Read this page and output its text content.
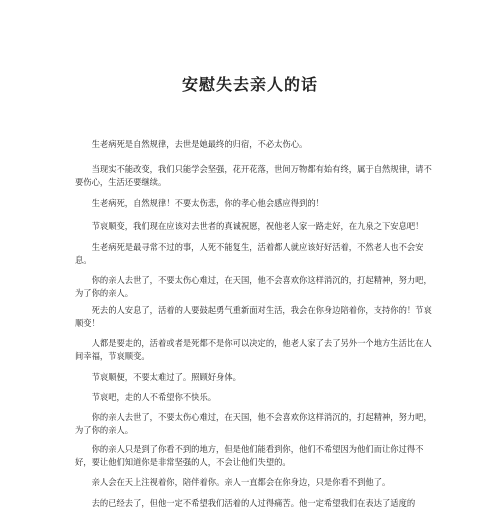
安慰失去亲人的话
　　生老病死是自然规律，去世是她最终的归宿，不必太伤心。
　　当现实不能改变，我们只能学会坚强，花开花落，世间万物都有始有终，属于自然规律，请不要伤心，生活还要继续。
　　生老病死，自然规律！不要太伤悲，你的孝心他会感应得到的！
　　节哀顺变，我们现在应该对去世者的真诚祝愿，祝他老人家一路走好，在九泉之下安息吧！
　　生老病死是最寻常不过的事，人死不能复生，活着都人就应该好好活着，不然老人也不会安息。
　　你的亲人去世了，不要太伤心难过，在天国，他不会喜欢你这样消沉的，打起精神，努力吧，为了你的亲人。
　　死去的人安息了，活着的人要鼓起勇气重新面对生活，我会在你身边陪着你，支持你的！节哀顺变！
　　人都是要走的，活着或者是死都不是你可以决定的，他老人家了去了另外一个地方生活比在人间幸福，节哀顺变。
　　节哀顺便，不要太难过了。照顾好身体。
　　节哀吧，走的人不希望你不快乐。
　　你的亲人去世了，不要太伤心难过，在天国，他不会喜欢你这样消沉的，打起精神，努力吧，为了你的亲人。
　　你的亲人只是到了你看不到的地方，但是他们能看到你，他们不希望因为他们而让你过得不好，要让他们知道你是非常坚强的人，不会让他们失望的。
　　亲人会在天上注视着你，陪伴着你。亲人一直都会在你身边，只是你看不到他了。
　　去的已经去了，但他一定不希望我们活着的人过得痛苦。他一定希望我们在表达了适度的
